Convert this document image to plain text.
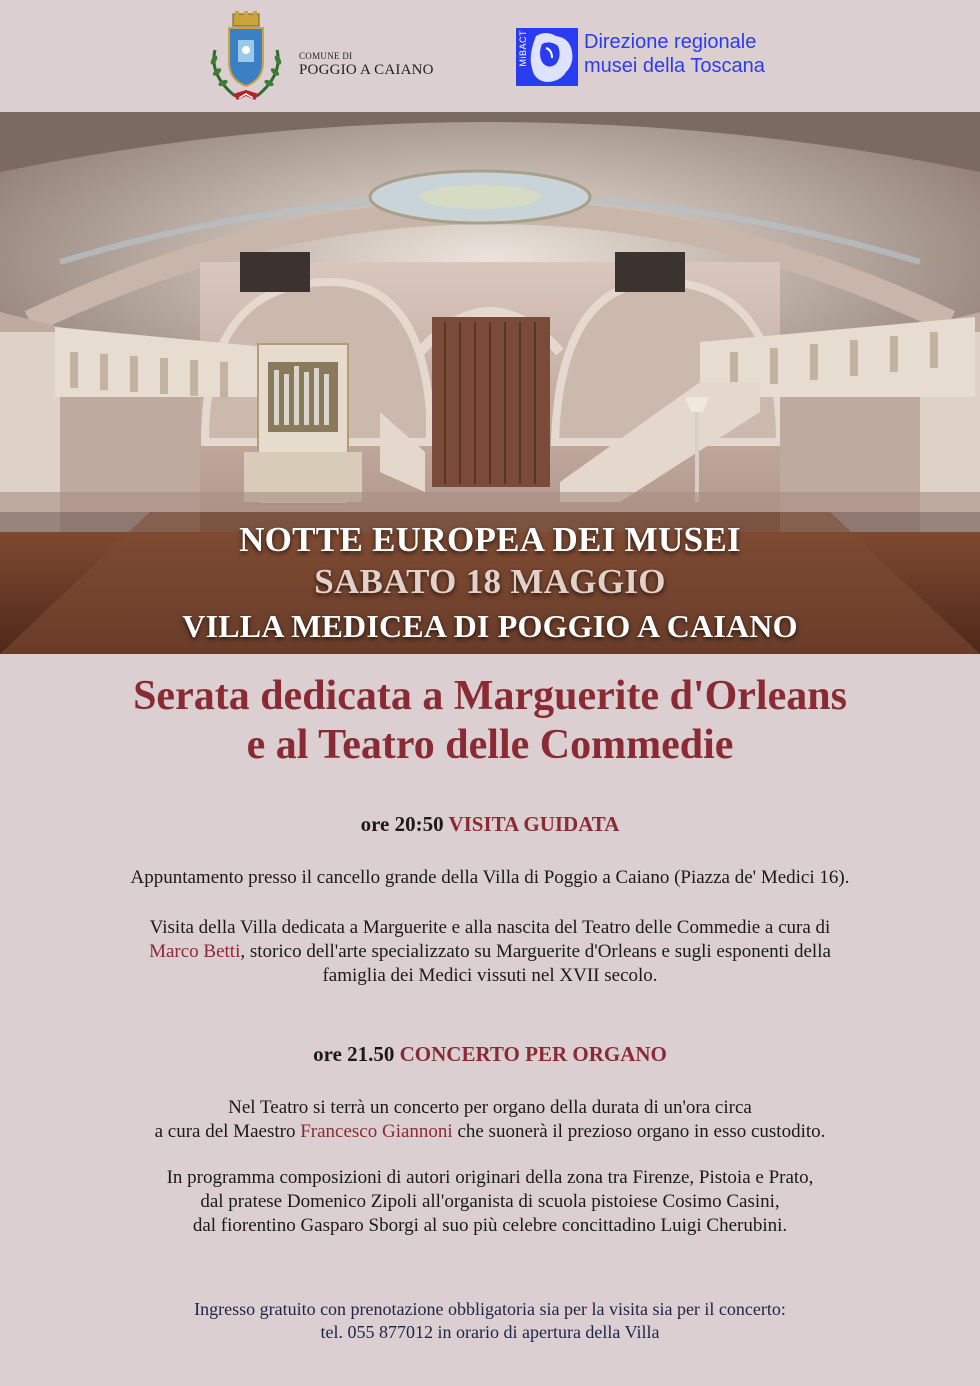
COMUNE DI
POGGIO A CAIANO
MiBACT	Direzione regionale
musei della Toscana
NOTTE EUROPEA DEI MUSEI
SABATO 18 MAGGIO
VILLA MEDICEA DI POGGIO A CAIANO
Serata dedicata a Marguerite d'Orleans
e al Teatro delle Commedie
ore 20:50 VISITA GUIDATA
Appuntamento presso il cancello grande della Villa di Poggio a Caiano (Piazza de' Medici 16).
Visita della Villa dedicata a Marguerite e alla nascita del Teatro delle Commedie a cura di
Marco Betti, storico dell'arte specializzato su Marguerite d'Orleans e sugli esponenti della
famiglia dei Medici vissuti nel XVII secolo.
ore 21.50 CONCERTO PER ORGANO
Nel Teatro si terrà un concerto per organo della durata di un'ora circa
a cura del Maestro Francesco Giannoni che suonerà il prezioso organo in esso custodito.
In programma composizioni di autori originari della zona tra Firenze, Pistoia e Prato,
dal pratese Domenico Zipoli all'organista di scuola pistoiese Cosimo Casini,
dal fiorentino Gasparo Sborgi al suo più celebre concittadino Luigi Cherubini.
Ingresso gratuito con prenotazione obbligatoria sia per la visita sia per il concerto:
tel. 055 877012 in orario di apertura della Villa
